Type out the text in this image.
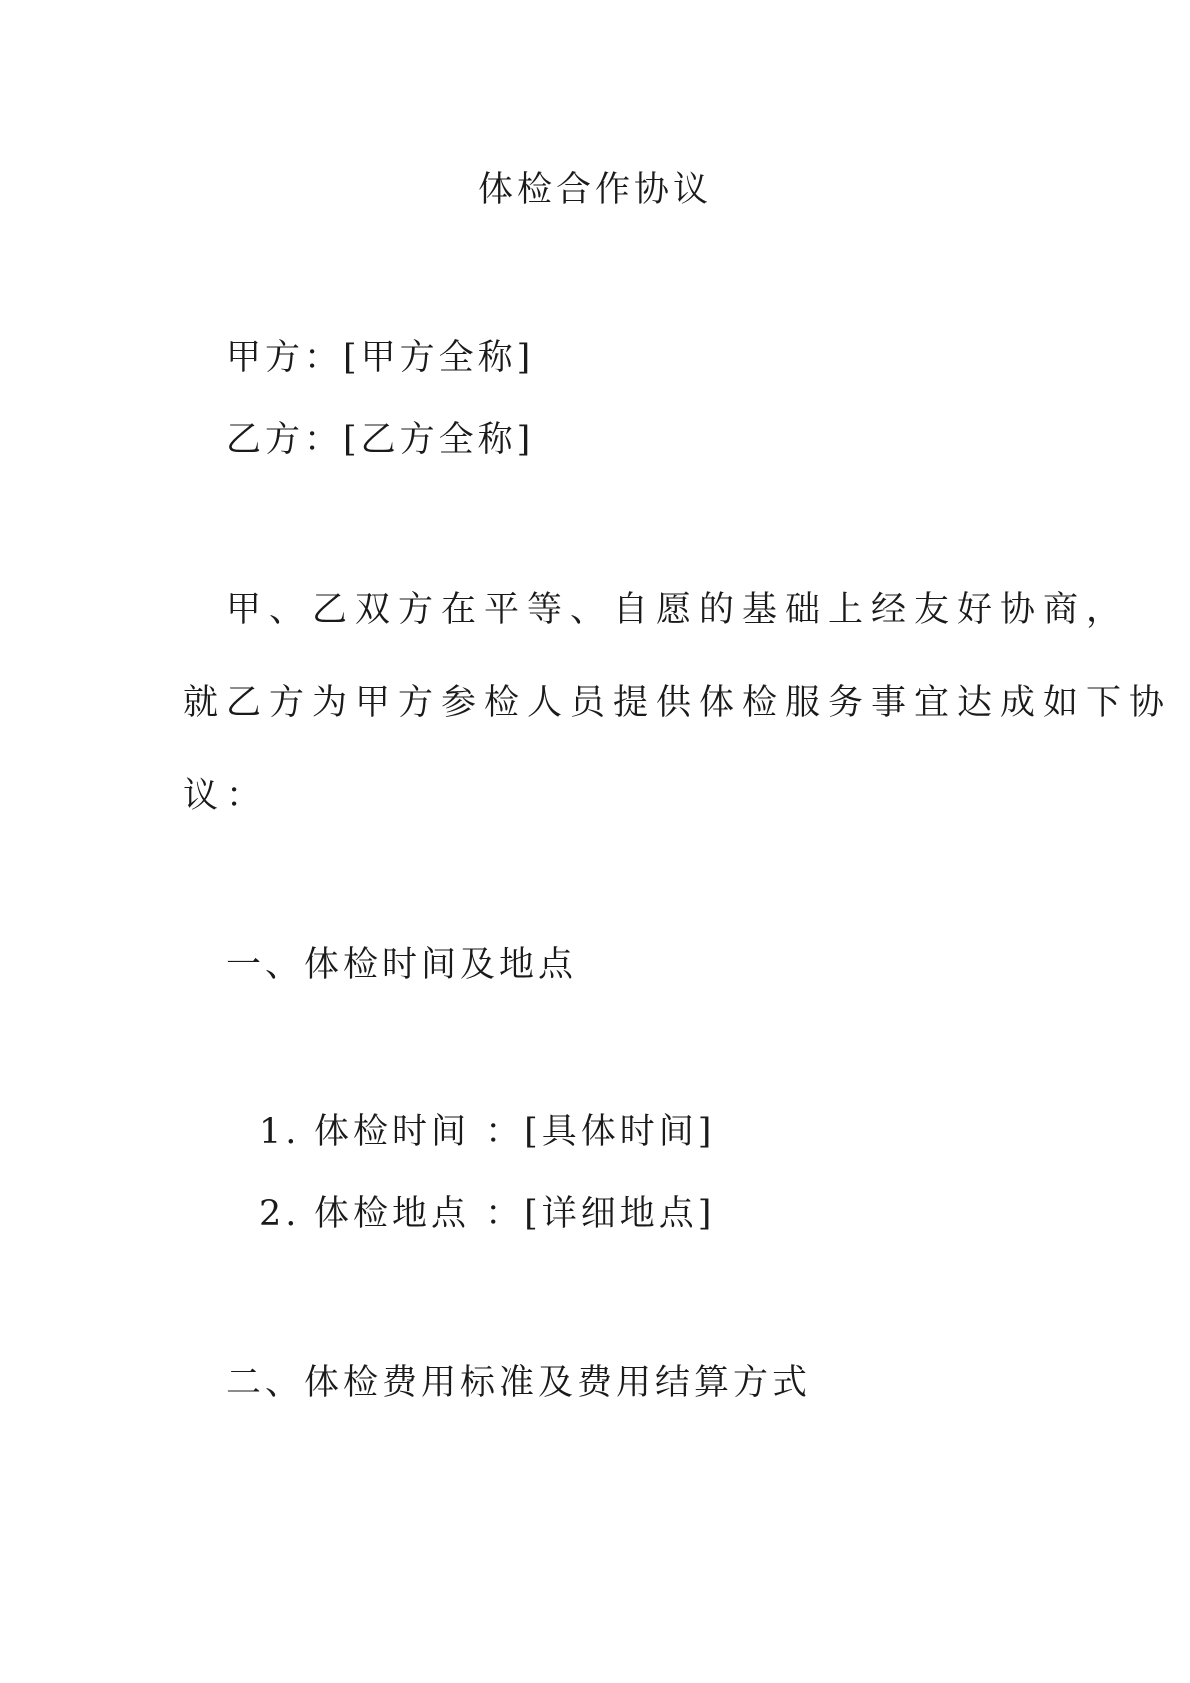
体检合作协议

甲方：[甲方全称]

乙方：[乙方全称]

甲、乙双方在平等、自愿的基础上经友好协商，

就乙方为甲方参检人员提供体检服务事宜达成如下协

议：

一、体检时间及地点

1. 体检时间 ：[具体时间]

2. 体检地点 ：[详细地点]

二、体检费用标准及费用结算方式
